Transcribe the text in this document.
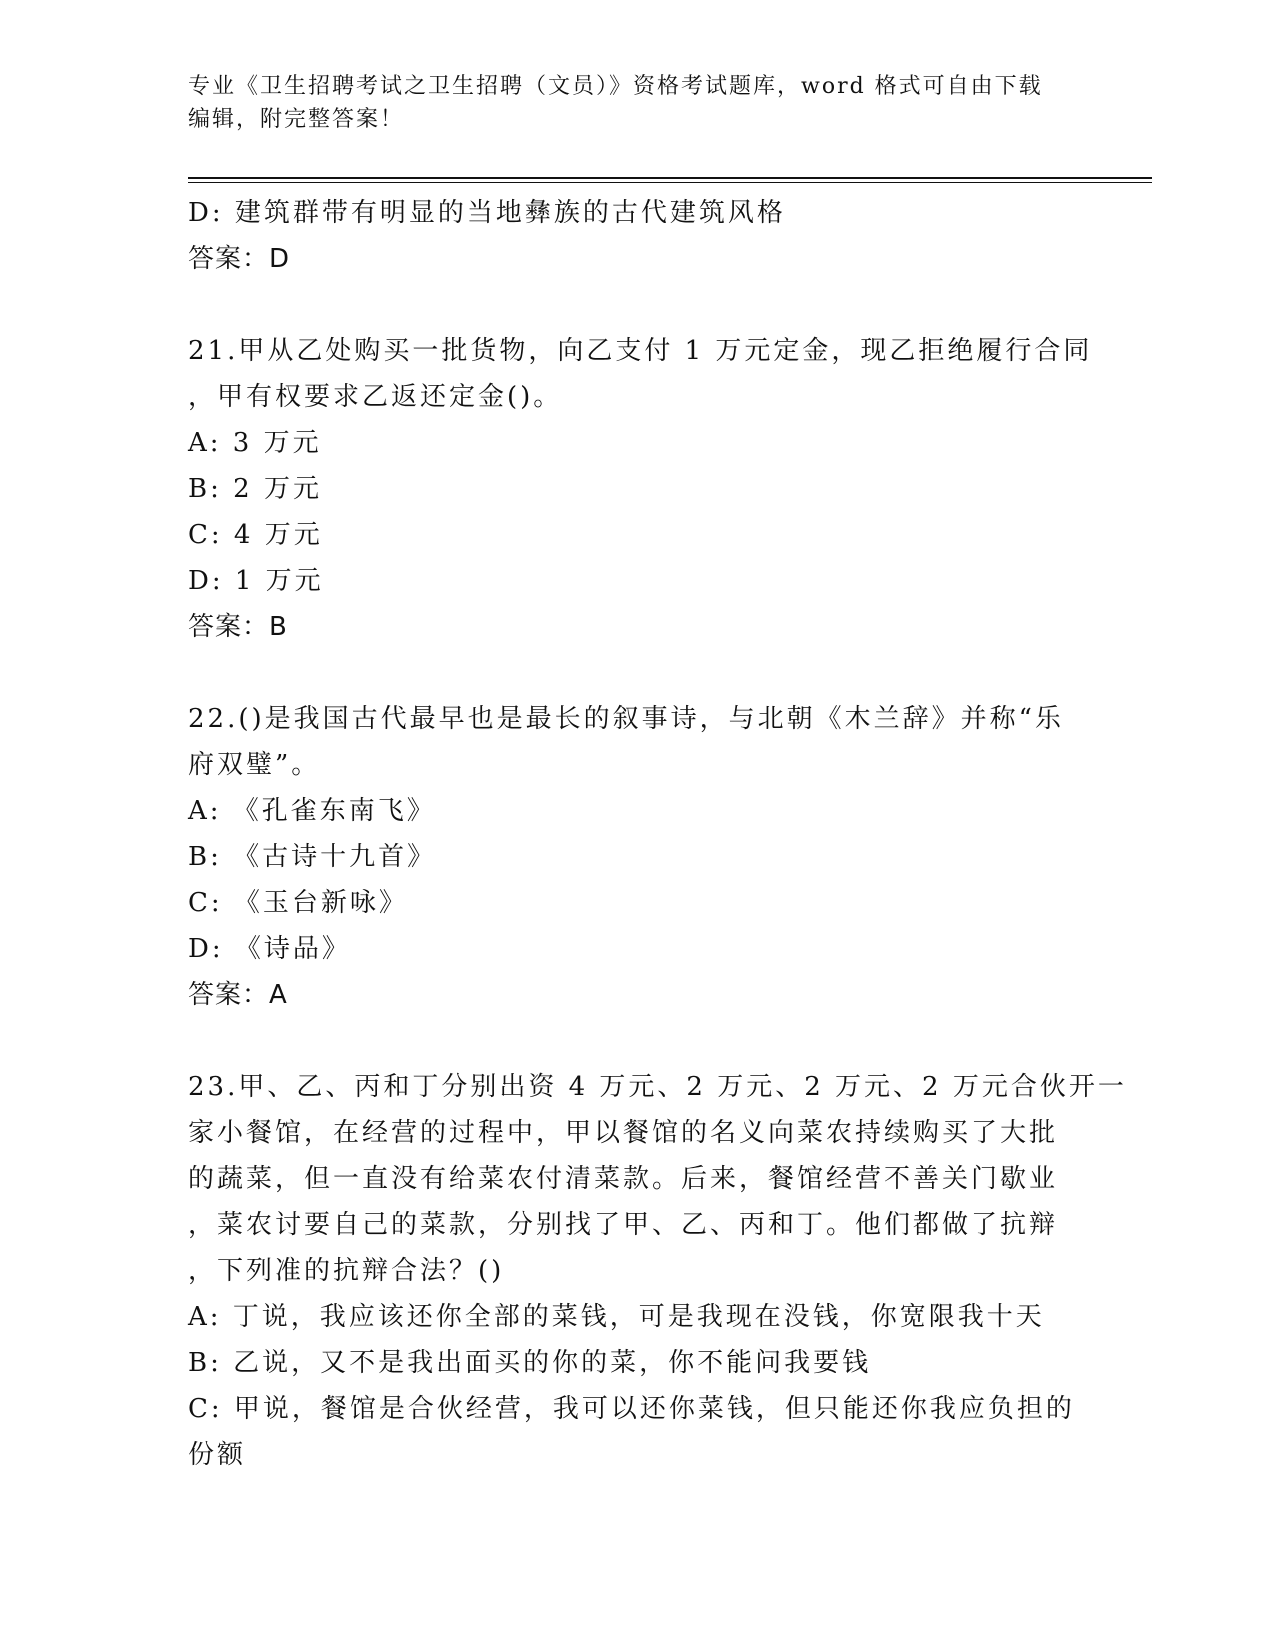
专业《卫生招聘考试之卫生招聘（文员）》资格考试题库，word 格式可自由下载
编辑，附完整答案！
D: 建筑群带有明显的当地彝族的古代建筑风格
答案：D
21.甲从乙处购买一批货物，向乙支付 1 万元定金，现乙拒绝履行合同
，甲有权要求乙返还定金()。
A: 3 万元
B: 2 万元
C: 4 万元
D: 1 万元
答案：B
22.()是我国古代最早也是最长的叙事诗，与北朝《木兰辞》并称“乐
府双璧”。
A: 《孔雀东南飞》
B: 《古诗十九首》
C: 《玉台新咏》
D: 《诗品》
答案：A
23.甲、乙、丙和丁分别出资 4 万元、2 万元、2 万元、2 万元合伙开一
家小餐馆，在经营的过程中，甲以餐馆的名义向菜农持续购买了大批
的蔬菜，但一直没有给菜农付清菜款。后来，餐馆经营不善关门歇业
，菜农讨要自己的菜款，分别找了甲、乙、丙和丁。他们都做了抗辩
，下列准的抗辩合法？()
A: 丁说，我应该还你全部的菜钱，可是我现在没钱，你宽限我十天
B: 乙说，又不是我出面买的你的菜，你不能问我要钱
C: 甲说，餐馆是合伙经营，我可以还你菜钱，但只能还你我应负担的
份额
